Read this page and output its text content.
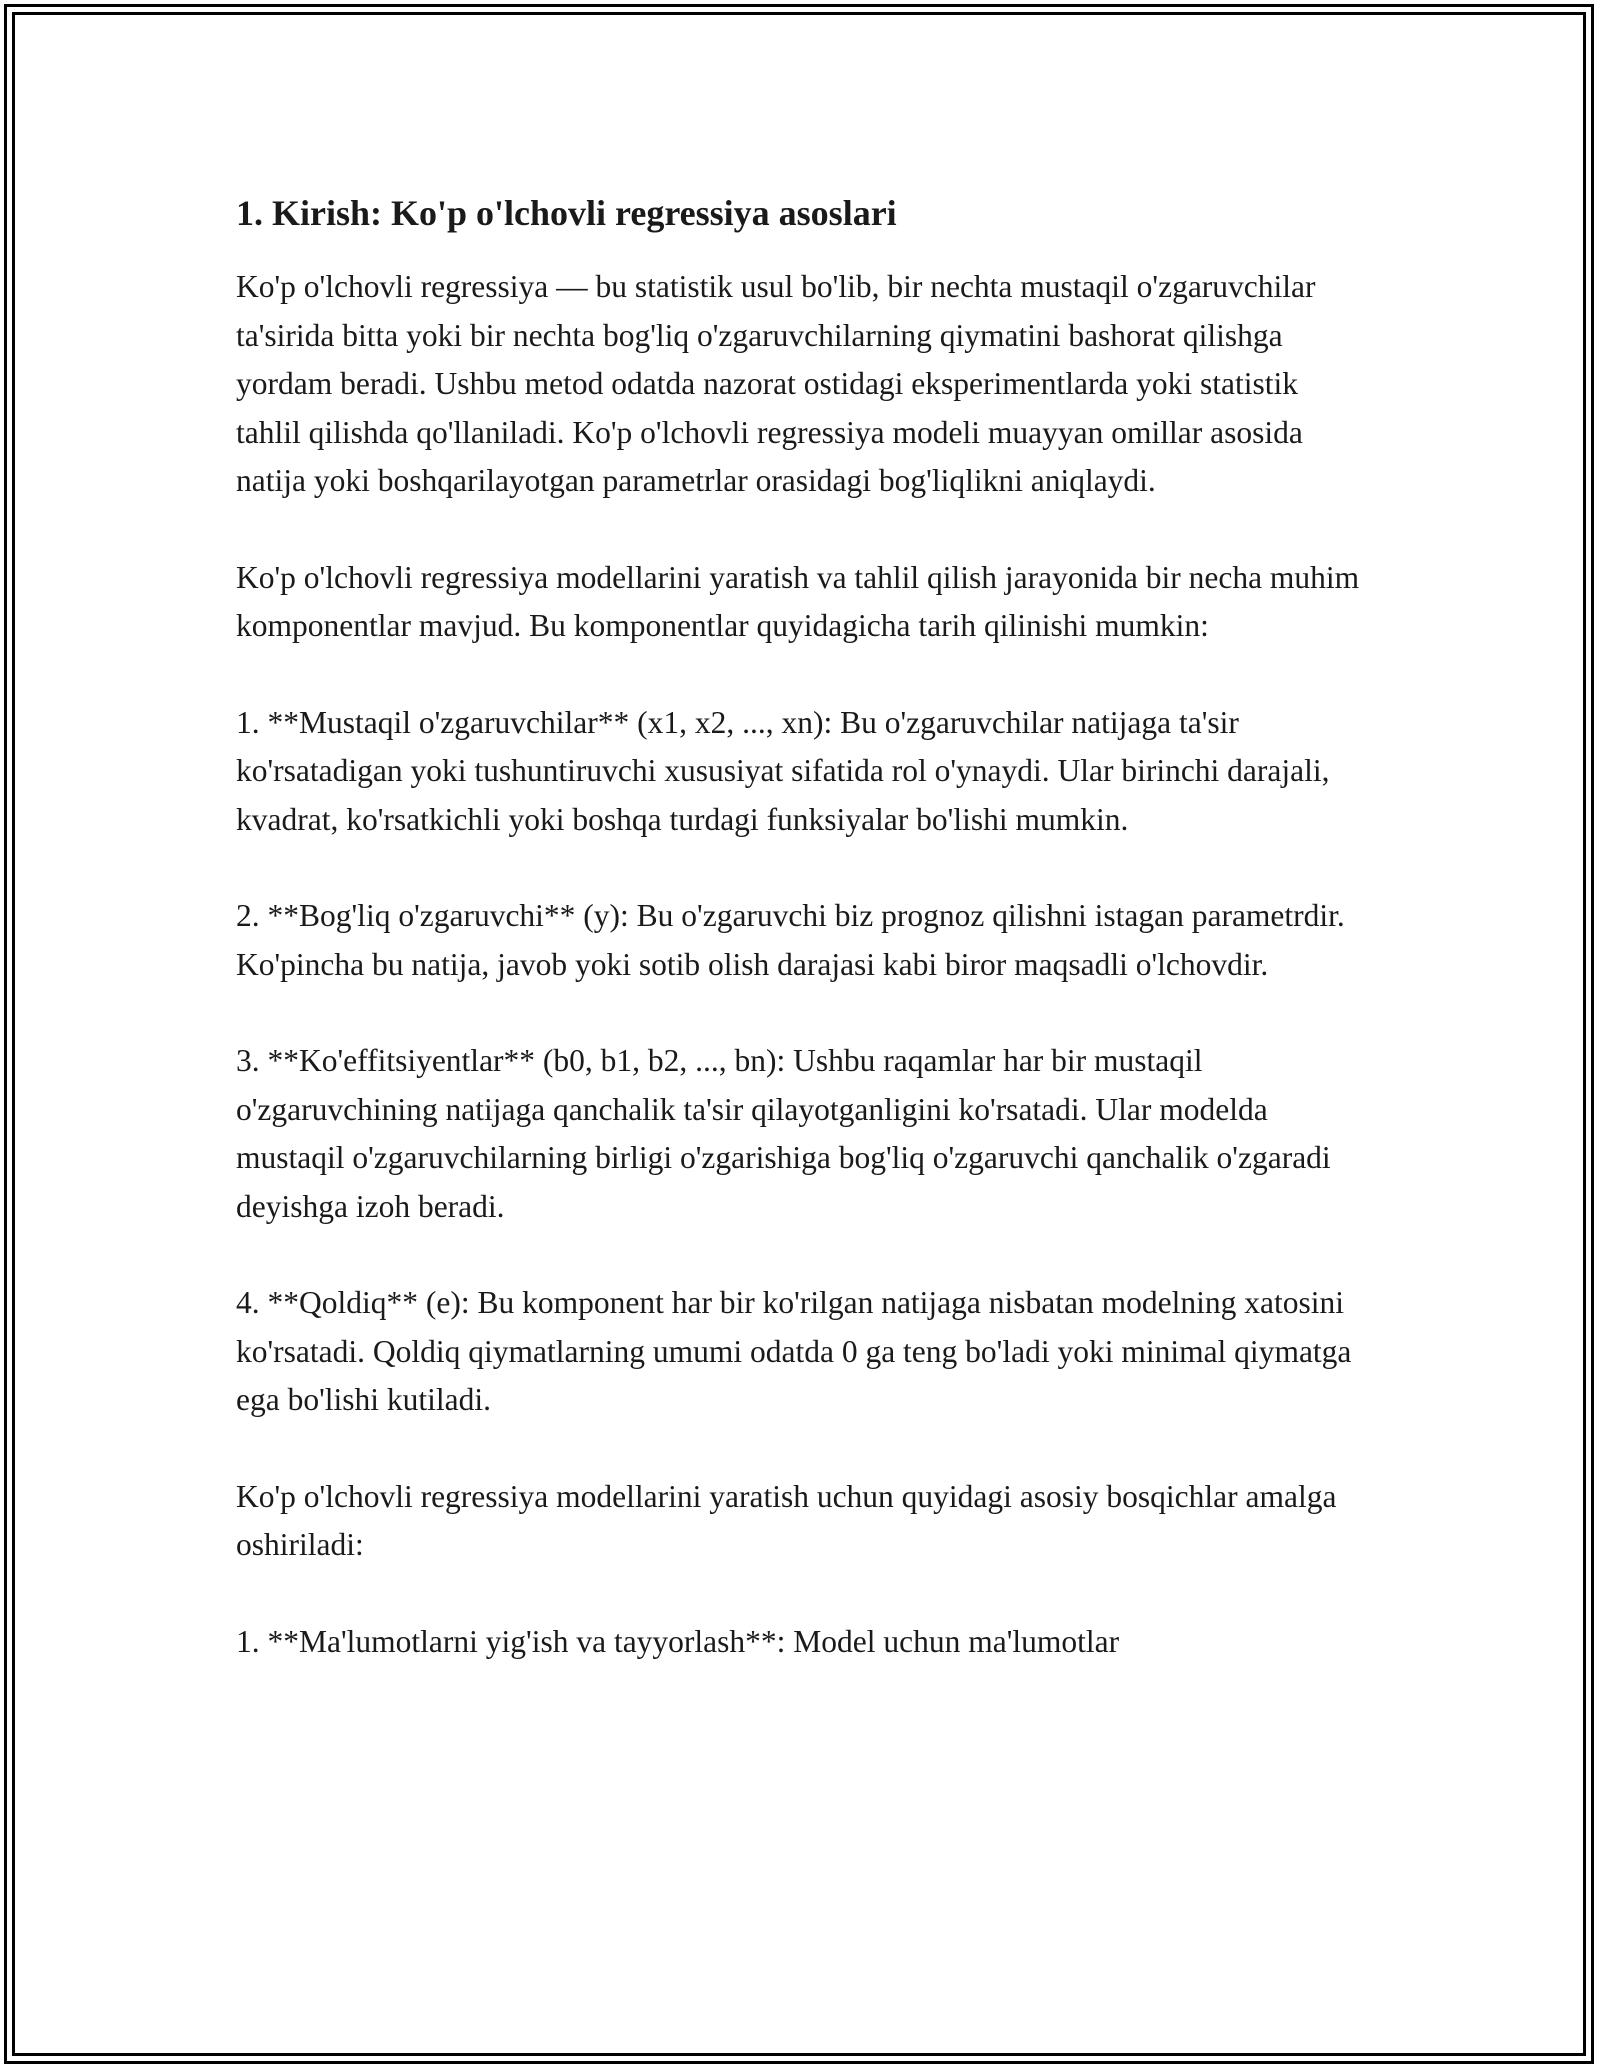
1. Kirish: Ko'p o'lchovli regressiya asoslari

Ko'p o'lchovli regressiya — bu statistik usul bo'lib, bir nechta mustaqil o'zgaruvchilar ta'sirida bitta yoki bir nechta bog'liq o'zgaruvchilarning qiymatini bashorat qilishga yordam beradi. Ushbu metod odatda nazorat ostidagi eksperimentlarda yoki statistik tahlil qilishda qo'llaniladi. Ko'p o'lchovli regressiya modeli muayyan omillar asosida natija yoki boshqarilayotgan parametrlar orasidagi bog'liqlikni aniqlaydi.

Ko'p o'lchovli regressiya modellarini yaratish va tahlil qilish jarayonida bir necha muhim komponentlar mavjud. Bu komponentlar quyidagicha tarih qilinishi mumkin:

1. **Mustaqil o'zgaruvchilar** (x1, x2, ..., xn): Bu o'zgaruvchilar natijaga ta'sir ko'rsatadigan yoki tushuntiruvchi xususiyat sifatida rol o'ynaydi. Ular birinchi darajali, kvadrat, ko'rsatkichli yoki boshqa turdagi funksiyalar bo'lishi mumkin.

2. **Bog'liq o'zgaruvchi** (y): Bu o'zgaruvchi biz prognoz qilishni istagan parametrdir. Ko'pincha bu natija, javob yoki sotib olish darajasi kabi biror maqsadli o'lchovdir.

3. **Ko'effitsiyentlar** (b0, b1, b2, ..., bn): Ushbu raqamlar har bir mustaqil o'zgaruvchining natijaga qanchalik ta'sir qilayotganligini ko'rsatadi. Ular modelda mustaqil o'zgaruvchilarning birligi o'zgarishiga bog'liq o'zgaruvchi qanchalik o'zgaradi deyishga izoh beradi.

4. **Qoldiq** (e): Bu komponent har bir ko'rilgan natijaga nisbatan modelning xatosini ko'rsatadi. Qoldiq qiymatlarning umumi odatda 0 ga teng bo'ladi yoki minimal qiymatga ega bo'lishi kutiladi.

Ko'p o'lchovli regressiya modellarini yaratish uchun quyidagi asosiy bosqichlar amalga oshiriladi:

1. **Ma'lumotlarni yig'ish va tayyorlash**: Model uchun ma'lumotlar
